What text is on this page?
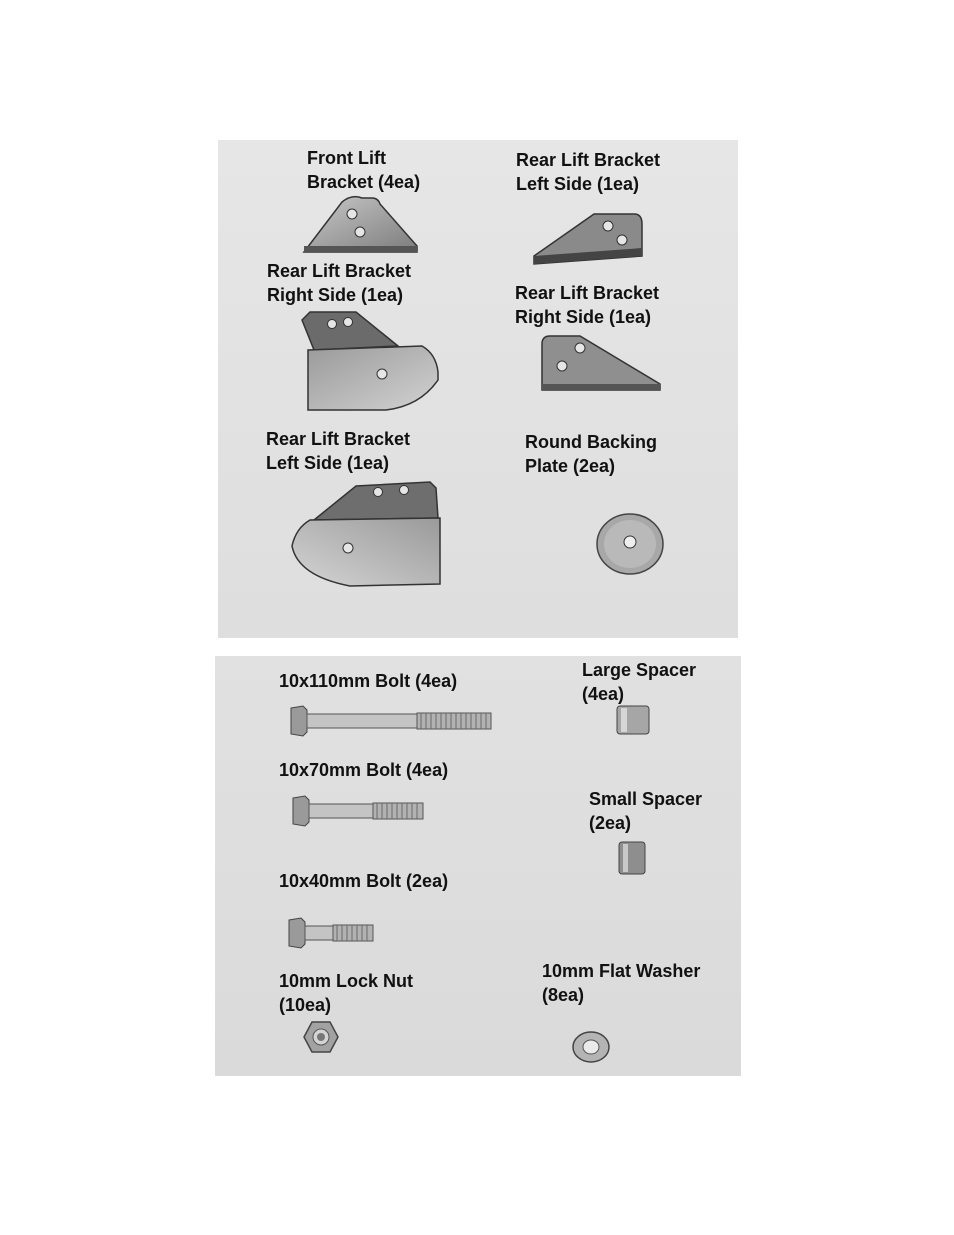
Front Lift
Bracket (4ea)
Rear Lift Bracket
Left Side (1ea)
Rear Lift Bracket
Right Side (1ea)	Rear Lift Bracket
Right Side (1ea)
Rear Lift Bracket
Left Side (1ea)
Round Backing
Plate (2ea)
10x110mm Bolt (4ea)
Large Spacer
(4ea)
10x70mm Bolt (4ea)
Small Spacer
(2ea)
10x40mm Bolt (2ea)
10mm Lock Nut
(10ea)
10mm Flat Washer
(8ea)
